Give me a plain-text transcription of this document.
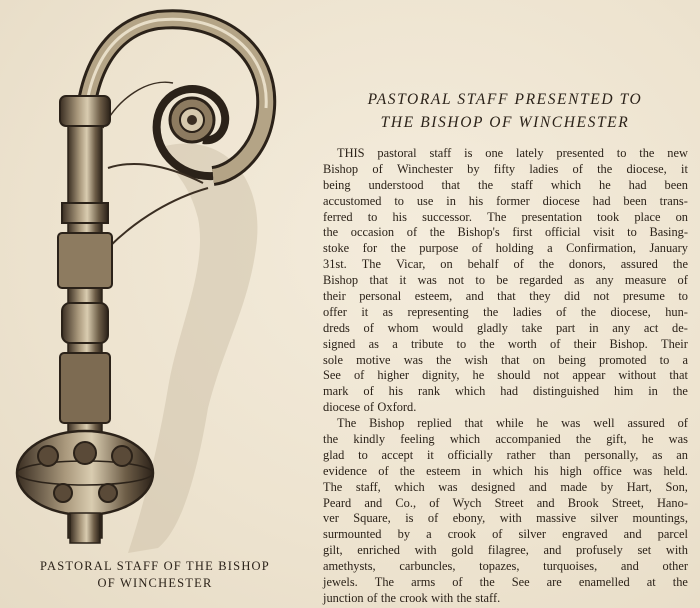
PASTORAL STAFF OF THE BISHOP
OF WINCHESTER
PASTORAL STAFF PRESENTED TO
THE BISHOP OF WINCHESTER
THIS pastoral staff is one lately presented to the new
Bishop of Winchester by fifty ladies of the diocese, it
being understood that the staff which he had been
accustomed to use in his former diocese had been trans-
ferred to his successor. The presentation took place on
the occasion of the Bishop's first official visit to Basing-
stoke for the purpose of holding a Confirmation, January
31st. The Vicar, on behalf of the donors, assured the
Bishop that it was not to be regarded as any measure of
their personal esteem, and that they did not presume to
offer it as representing the ladies of the diocese, hun-
dreds of whom would gladly take part in any act de-
signed as a tribute to the worth of their Bishop. Their
sole motive was the wish that on being promoted to a
See of higher dignity, he should not appear without that
mark of his rank which had distinguished him in the
diocese of Oxford.
The Bishop replied that while he was well assured of
the kindly feeling which accompanied the gift, he was
glad to accept it officially rather than personally, as an
evidence of the esteem in which his high office was held.
The staff, which was designed and made by Hart, Son,
Peard and Co., of Wych Street and Brook Street, Hano-
ver Square, is of ebony, with massive silver mountings,
surmounted by a crook of silver engraved and parcel
gilt, enriched with gold filagree, and profusely set with
amethysts, carbuncles, topazes, turquoises, and other
jewels. The arms of the See are enamelled at the
junction of the crook with the staff.
